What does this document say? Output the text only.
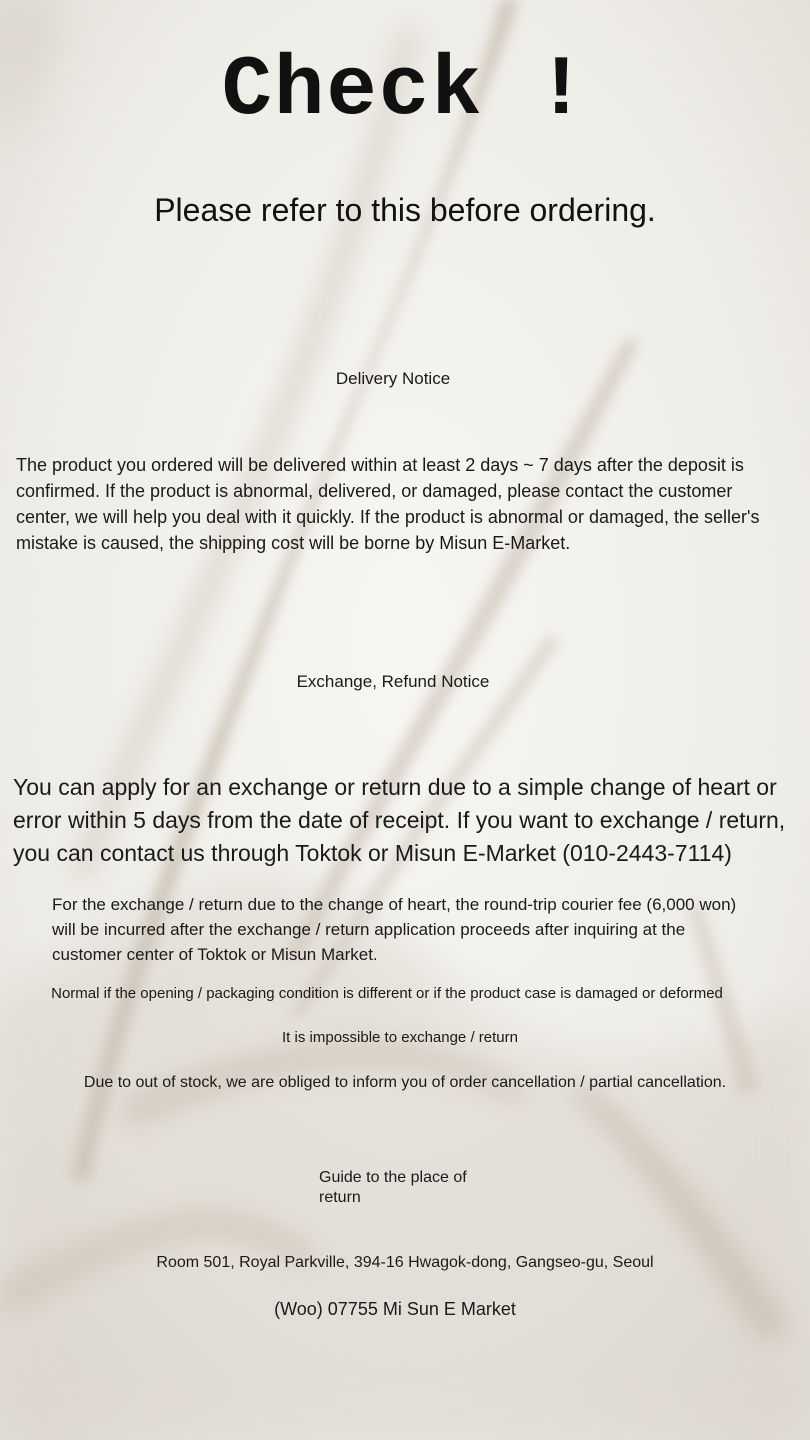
Check !

Please refer to this before ordering.

Delivery Notice

The product you ordered will be delivered within at least 2 days ~ 7 days after the deposit is confirmed. If the product is abnormal, delivered, or damaged, please contact the customer center, we will help you deal with it quickly. If the product is abnormal or damaged, the seller's mistake is caused, the shipping cost will be borne by Misun E-Market.

Exchange, Refund Notice

You can apply for an exchange or return due to a simple change of heart or error within 5 days from the date of receipt. If you want to exchange / return, you can contact us through Toktok or Misun E-Market (010-2443-7114)

For the exchange / return due to the change of heart, the round-trip courier fee (6,000 won) will be incurred after the exchange / return application proceeds after inquiring at the customer center of Toktok or Misun Market.

Normal if the opening / packaging condition is different or if the product case is damaged or deformed

It is impossible to exchange / return

Due to out of stock, we are obliged to inform you of order cancellation / partial cancellation.

Guide to the place of return

Room 501, Royal Parkville, 394-16 Hwagok-dong, Gangseo-gu, Seoul

(Woo) 07755 Mi Sun E Market
